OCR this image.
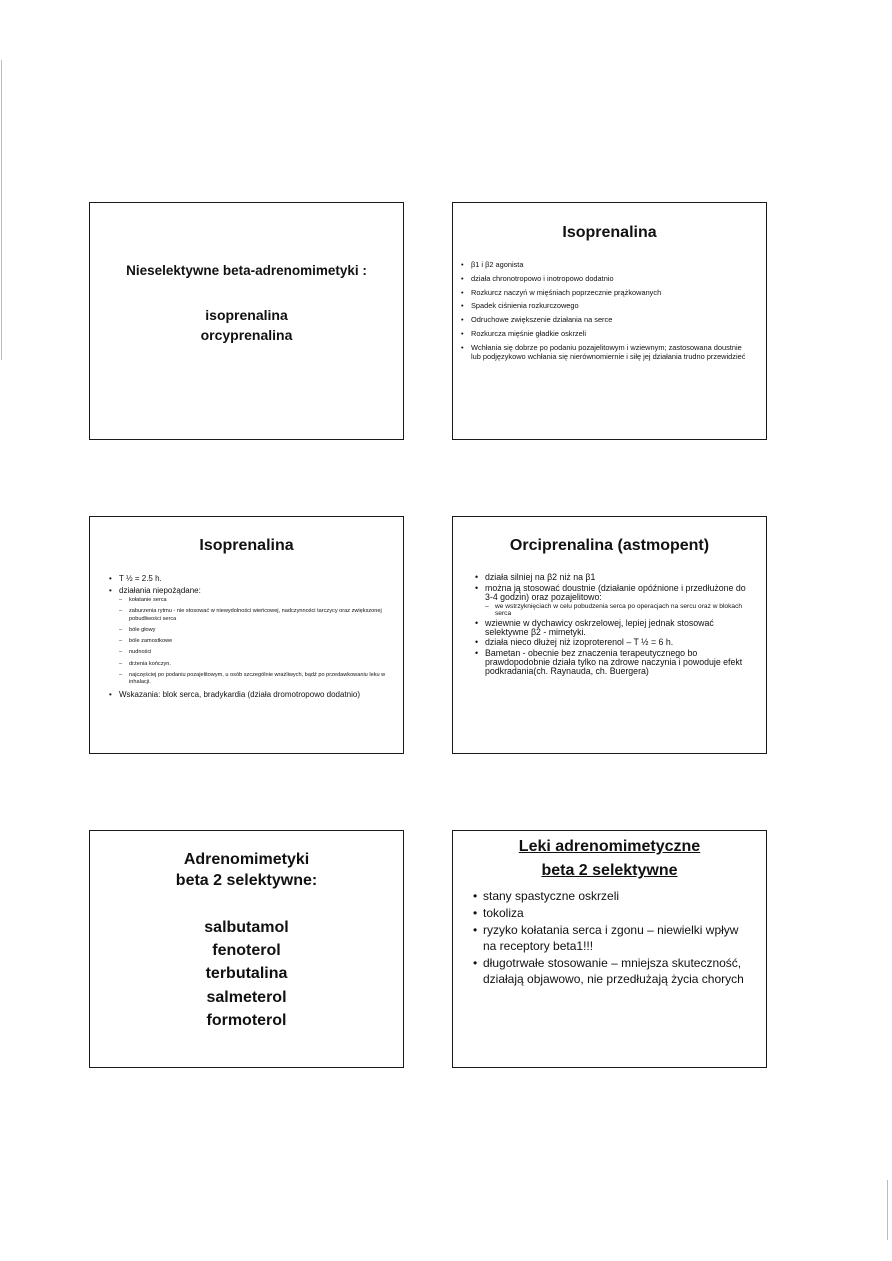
Nieselektywne beta-adrenomimetyki :
isoprenalina
orcyprenalina
Isoprenalina
• β1 i β2 agonista
• działa chronotropowo i inotropowo dodatnio
• Rozkurcz naczyń w mięśniach poprzecznie prążkowanych
• Spadek ciśnienia rozkurczowego
• Odruchowe zwiększenie działania na serce
• Rozkurcza mięśnie gładkie oskrzeli
• Wchłania się dobrze po podaniu pozajelitowym i wziewnym; zastosowana doustnie lub podjęzykowo wchłania się nierównomiernie i siłę jej działania trudno przewidzieć
Isoprenalina
• T ½ = 2.5 h.
• działania niepożądane:
– kołatanie serca
– zaburzenia rytmu - nie stosować w niewydolności wieńcowej, nadczynności tarczycy oraz zwiększonej pobudliwości serca
– bóle głowy
– bóle zamostkowe
– nudności
– drżenia kończyn.
– najczęściej po podaniu pozajelitowym, u osób szczególnie wrażliwych, bądź po przedawkowaniu leku w inhalacji.
• Wskazania: blok serca, bradykardia (działa dromotropowo dodatnio)
Orciprenalina (astmopent)
• działa silniej na β2 niż na β1
• można ją stosować doustnie (działanie opóźnione i przedłużone do 3-4 godzin) oraz pozajelitowo:
– we wstrzyknięciach w celu pobudzenia serca po operacjach na sercu oraz w blokach serca
• wziewnie w dychawicy oskrzelowej, lepiej jednak stosować selektywne β2 - mimetyki.
• działa nieco dłużej niż izoproterenol – T ½ = 6 h.
• Bametan - obecnie bez znaczenia terapeutycznego bo prawdopodobnie działa tylko na zdrowe naczynia i powoduje efekt podkradania(ch. Raynauda, ch. Buergera)
Adrenomimetyki
beta 2 selektywne:
salbutamol
fenoterol
terbutalina
salmeterol
formoterol
Leki adrenomimetyczne
beta 2 selektywne
• stany spastyczne oskrzeli
• tokoliza
• ryzyko kołatania serca i zgonu – niewielki wpływ na receptory beta1!!!
• długotrwałe stosowanie – mniejsza skuteczność, działają objawowo, nie przedłużają życia chorych
